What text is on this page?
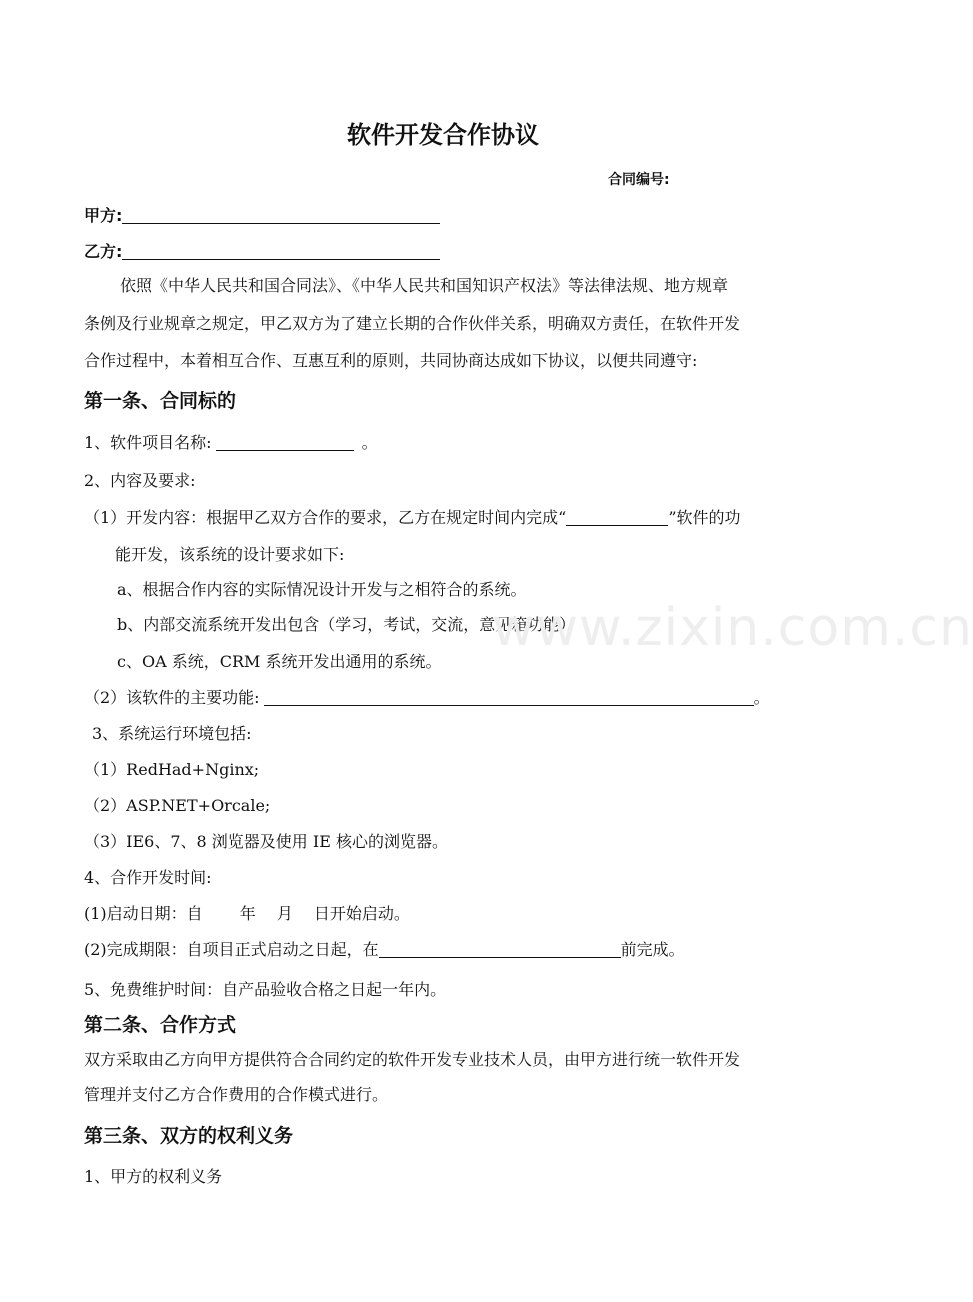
软件开发合作协议
合同编号:
甲方:
乙方:
依照《中华人民共和国合同法》、《中华人民共和国知识产权法》等法律法规、地方规章
条例及行业规章之规定，甲乙双方为了建立长期的合作伙伴关系，明确双方责任，在软件开发
合作过程中，本着相互合作、互惠互利的原则，共同协商达成如下协议，以便共同遵守:
第一条、合同标的
1、软件项目名称:	。
2、内容及要求:
（1）开发内容：根据甲乙双方合作的要求，乙方在规定时间内完成“	”软件的功
能开发，该系统的设计要求如下:
a、根据合作内容的实际情况设计开发与之相符合的系统。
b、内部交流系统开发出包含（学习，考试，交流，意见箱功能）。
c、OA 系统，CRM 系统开发出通用的系统。
（2）该软件的主要功能:	。
3、系统运行环境包括:
（1）RedHad+Nginx;
（2）ASP.NET+Orcale;
（3）IE6、7、8 浏览器及使用 IE 核心的浏览器。
4、合作开发时间:
(1)启动日期：自　　 年　 月　 日开始启动。
(2)完成期限：自项目正式启动之日起，在	前完成。
5、免费维护时间：自产品验收合格之日起一年内。
第二条、合作方式
双方采取由乙方向甲方提供符合合同约定的软件开发专业技术人员，由甲方进行统一软件开发
管理并支付乙方合作费用的合作模式进行。
第三条、双方的权利义务
1、甲方的权利义务
www.zixin.com.cn
